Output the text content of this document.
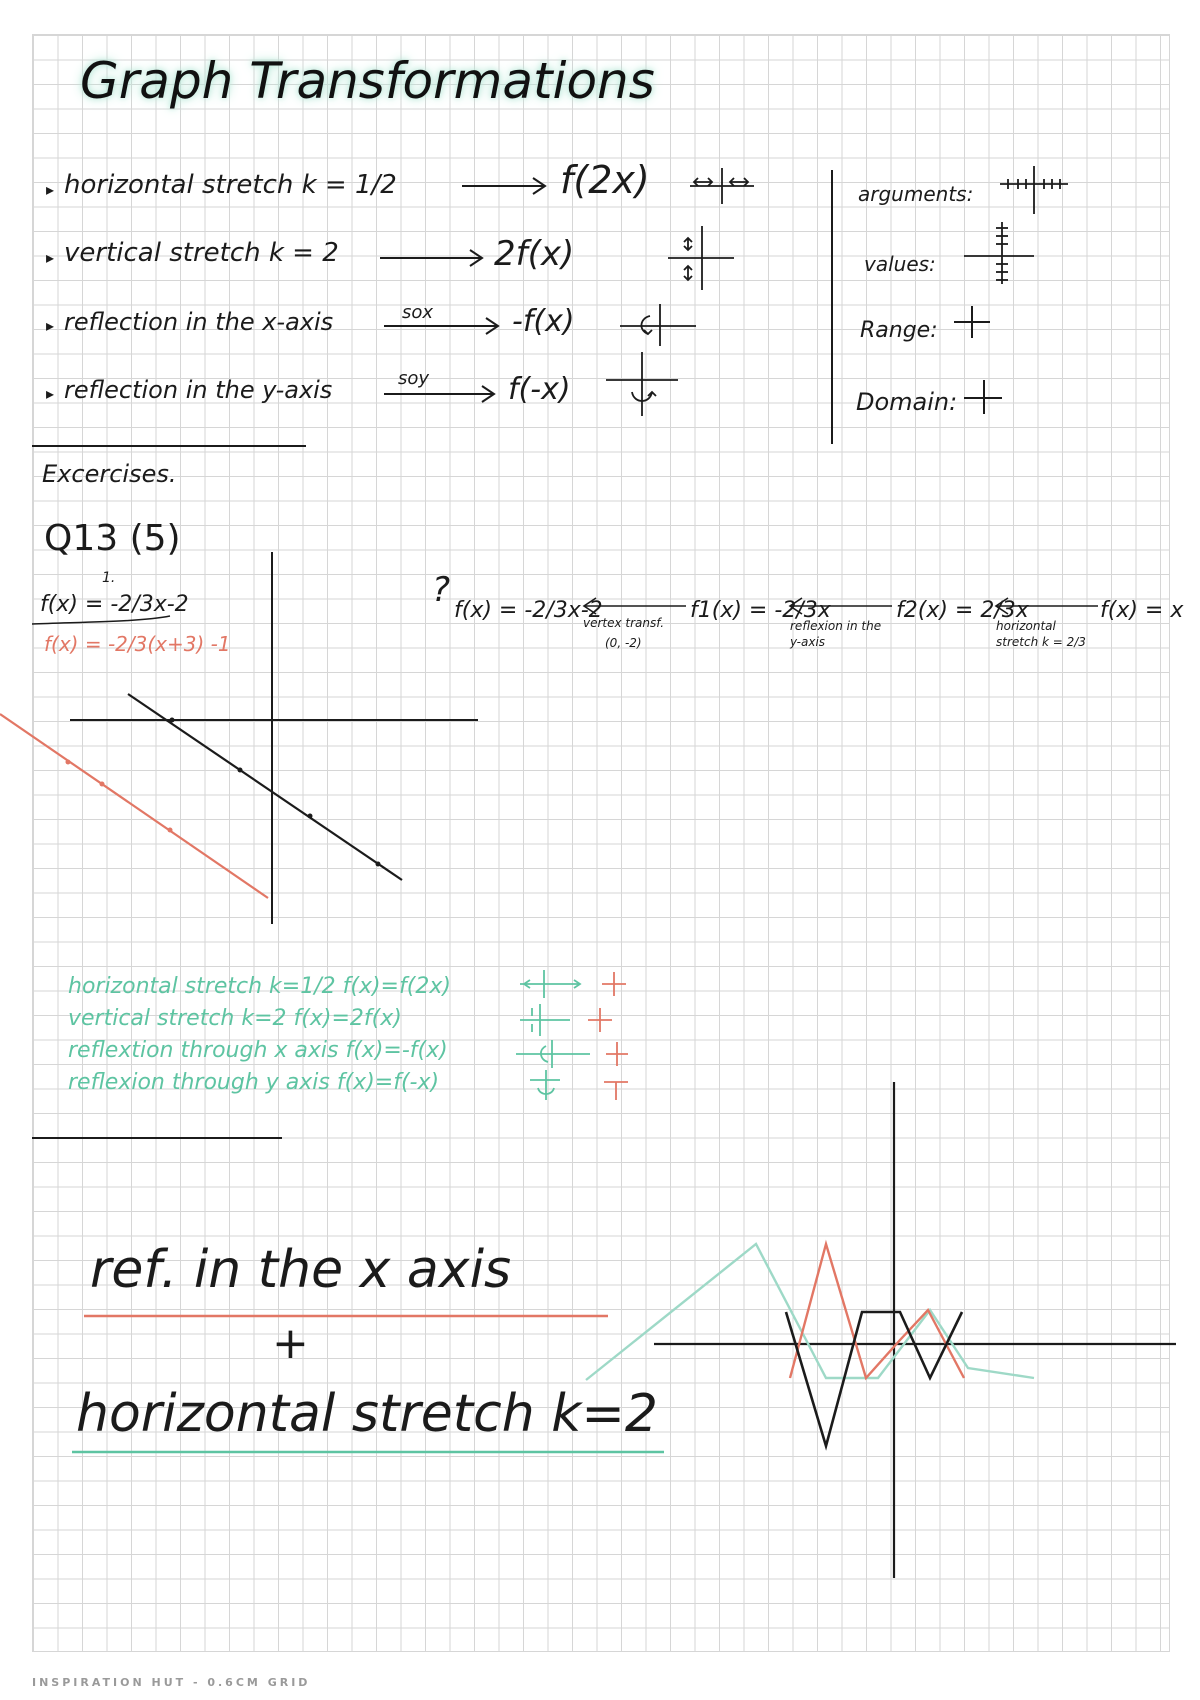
Graph Transformations
▸ horizontal stretch k = 1/2	f(2x)
▸ vertical stretch k = 2	2f(x)
▸ reflection in the x-axis	sox	-f(x)
▸ reflection in the y-axis	soy	f(-x)
arguments:
values:
Range:
Domain:
Excercises.
Q13 (5)
1.
f(x) = -2/3x-2
f(x) = -2/3(x+3) -1
?
f(x) = -2/3x-2
vertex transf.
(0, -2)
f1(x) = -2/3x
reflexion in the y-axis
f2(x) = 2/3x
horizontal stretch k = 2/3
f(x) = x
horizontal stretch k=1/2 f(x)=f(2x)
vertical stretch k=2 f(x)=2f(x)
reflextion through x axis f(x)=-f(x)
reflexion through y axis f(x)=f(-x)
ref. in the x axis
+
horizontal stretch k=2
INSPIRATION HUT - 0.6CM GRID
